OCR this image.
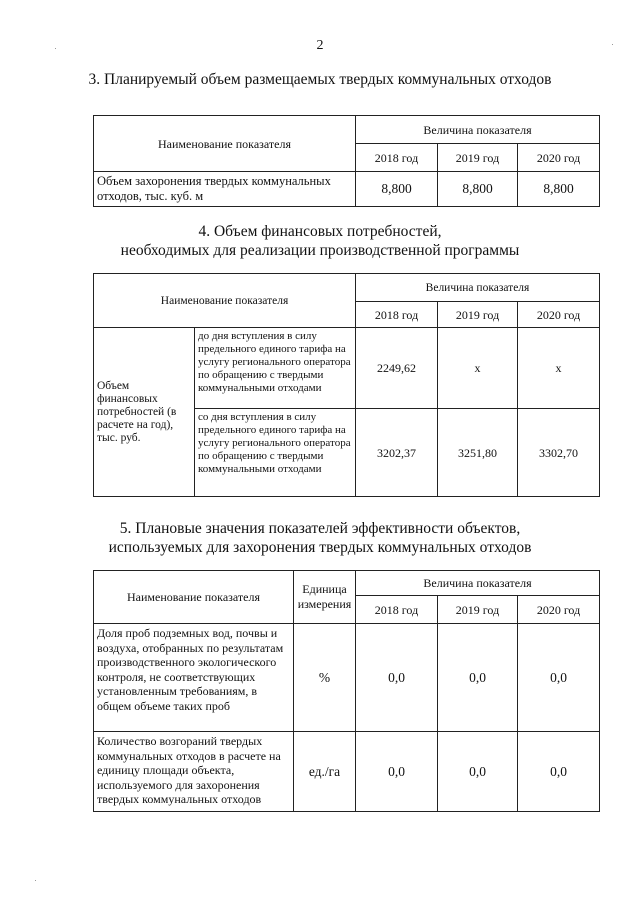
2
3. Планируемый объем размещаемых твердых коммунальных отходов
Наименование показателя	Величина показателя		
	2018 год	2019 год	2020 год
Объем захоронения твердых коммунальных отходов, тыс. куб. м	8,800	8,800	8,800
4. Объем финансовых потребностей,
необходимых для реализации производственной программы
Наименование показателя		Величина показателя		
		2018 год	2019 год	2020 год
Объем финансовых потребностей (в расчете на год), тыс. руб.	до дня вступления в силу предельного единого тарифа на услугу регионального оператора по обращению с твердыми коммунальными отходами	2249,62	х	х
	со дня вступления в силу предельного единого тарифа на услугу регионального оператора по обращению с твердыми коммунальными отходами	3202,37	3251,80	3302,70
5. Плановые значения показателей эффективности объектов,
используемых для захоронения твердых коммунальных отходов
Наименование показателя	Единица измерения	Величина показателя		
		2018 год	2019 год	2020 год
Доля проб подземных вод, почвы и воздуха, отобранных по результатам производственного экологического контроля, не соответствующих установленным требованиям, в общем объеме таких проб	%	0,0	0,0	0,0
Количество возгораний твердых коммунальных отходов в расчете на единицу площади объекта, используемого для захоронения твердых коммунальных отходов	ед./га	0,0	0,0	0,0
